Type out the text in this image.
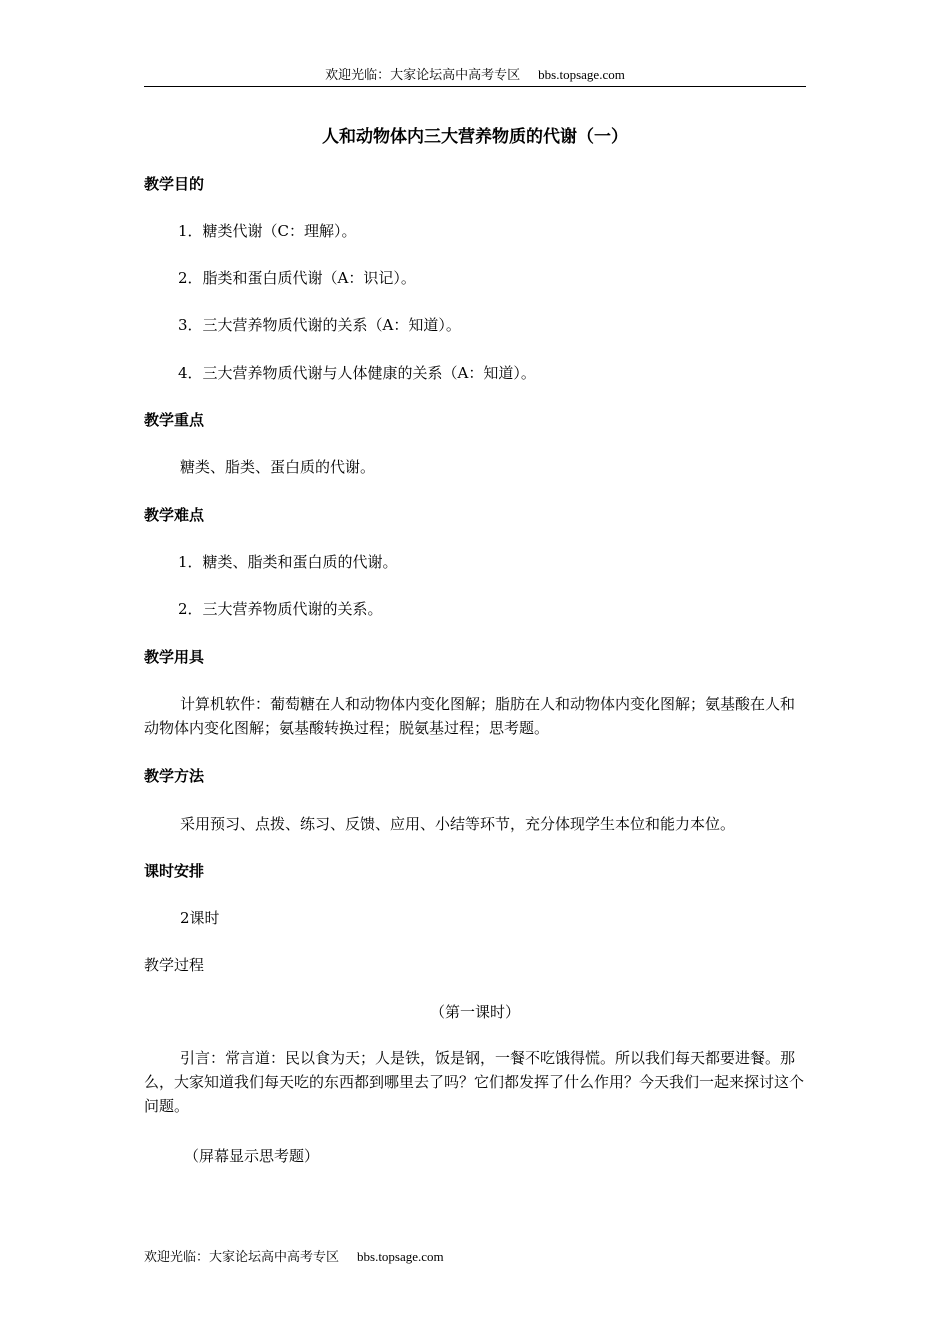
欢迎光临：大家论坛高中高考专区 bbs.topsage.com
人和动物体内三大营养物质的代谢（一）
教学目的
1．糖类代谢（C：理解）。
2．脂类和蛋白质代谢（A：识记）。
3．三大营养物质代谢的关系（A：知道）。
4．三大营养物质代谢与人体健康的关系（A：知道）。
教学重点
糖类、脂类、蛋白质的代谢。
教学难点
1．糖类、脂类和蛋白质的代谢。
2．三大营养物质代谢的关系。
教学用具
计算机软件：葡萄糖在人和动物体内变化图解；脂肪在人和动物体内变化图解；氨基酸在人和动物体内变化图解；氨基酸转换过程；脱氨基过程；思考题。
教学方法
采用预习、点拨、练习、反馈、应用、小结等环节，充分体现学生本位和能力本位。
课时安排
2课时
教学过程
（第一课时）
引言：常言道：民以食为天；人是铁，饭是钢，一餐不吃饿得慌。所以我们每天都要进餐。那么，大家知道我们每天吃的东西都到哪里去了吗？它们都发挥了什么作用？今天我们一起来探讨这个问题。
（屏幕显示思考题）
欢迎光临：大家论坛高中高考专区 bbs.topsage.com
